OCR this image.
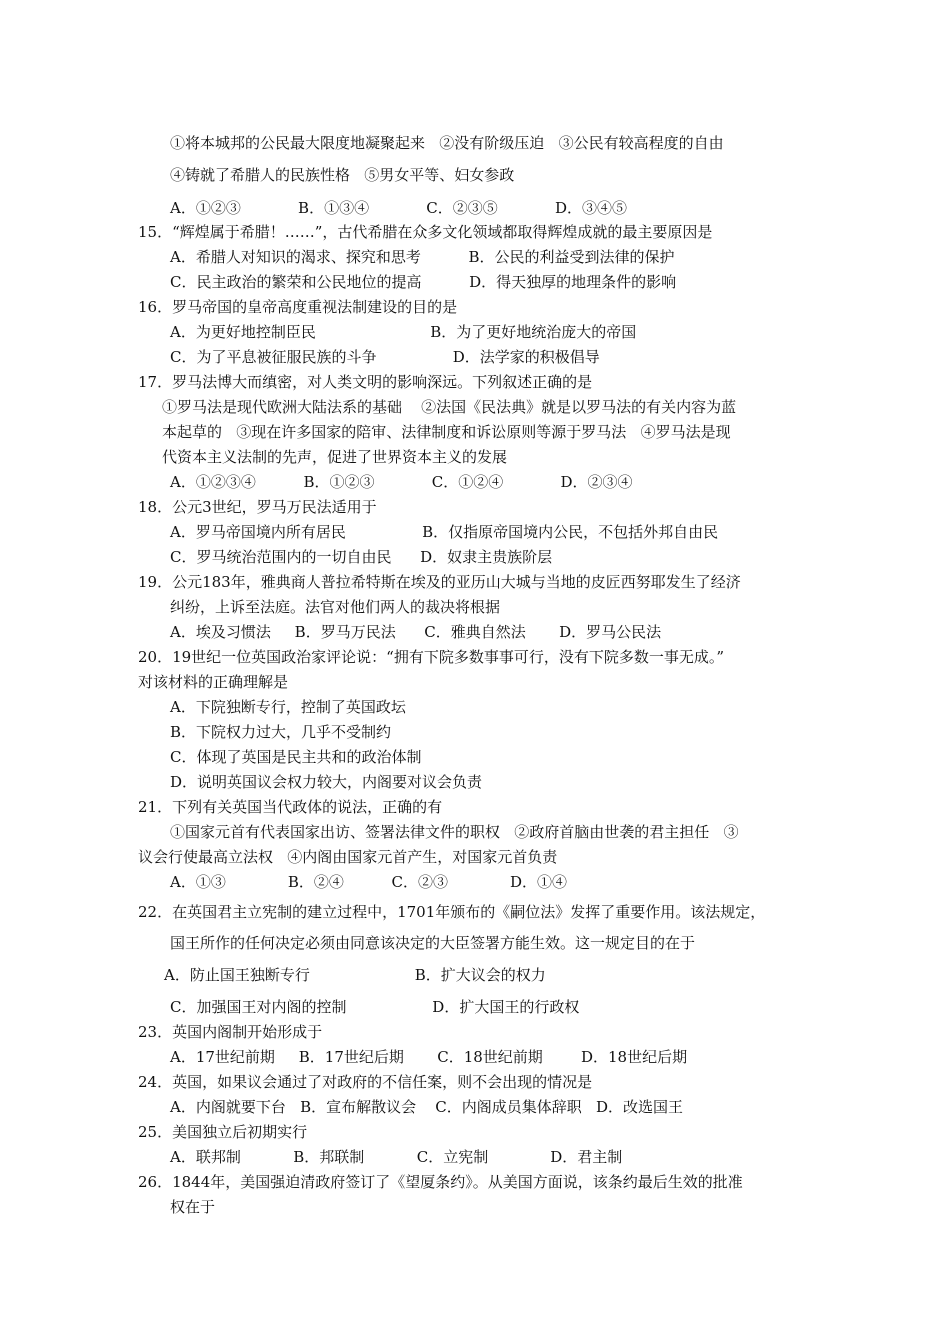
①将本城邦的公民最大限度地凝聚起来   ②没有阶级压迫   ③公民有较高程度的自由
④铸就了希腊人的民族性格   ⑤男女平等、妇女参政
A．①②③            B．①③④            C．②③⑤            D．③④⑤
15．“辉煌属于希腊！……”，古代希腊在众多文化领域都取得辉煌成就的最主要原因是
A．希腊人对知识的渴求、探究和思考          B．公民的利益受到法律的保护
C．民主政治的繁荣和公民地位的提高          D．得天独厚的地理条件的影响
16．罗马帝国的皇帝高度重视法制建设的目的是
A．为更好地控制臣民                        B．为了更好地统治庞大的帝国
C．为了平息被征服民族的斗争                D．法学家的积极倡导
17．罗马法博大而缜密，对人类文明的影响深远。下列叙述正确的是
①罗马法是现代欧洲大陆法系的基础    ②法国《民法典》就是以罗马法的有关内容为蓝
本起草的   ③现在许多国家的陪审、法律制度和诉讼原则等源于罗马法   ④罗马法是现
代资本主义法制的先声，促进了世界资本主义的发展
A．①②③④          B．①②③            C．①②④            D．②③④
18．公元3世纪，罗马万民法适用于
A．罗马帝国境内所有居民                B．仅指原帝国境内公民，不包括外邦自由民
C．罗马统治范围内的一切自由民      D．奴隶主贵族阶层
19．公元183年，雅典商人普拉希特斯在埃及的亚历山大城与当地的皮匠西努耶发生了经济
纠纷，上诉至法庭。法官对他们两人的裁决将根据
A．埃及习惯法     B．罗马万民法      C．雅典自然法       D．罗马公民法
20．19世纪一位英国政治家评论说：“拥有下院多数事事可行，没有下院多数一事无成。”
对该材料的正确理解是
A．下院独断专行，控制了英国政坛
B．下院权力过大，几乎不受制约
C．体现了英国是民主共和的政治体制
D．说明英国议会权力较大，内阁要对议会负责
21．下列有关英国当代政体的说法，正确的有
①国家元首有代表国家出访、签署法律文件的职权   ②政府首脑由世袭的君主担任   ③
议会行使最高立法权   ④内阁由国家元首产生，对国家元首负责
A．①③             B．②④          C．②③             D．①④
22．在英国君主立宪制的建立过程中，1701年颁布的《嗣位法》发挥了重要作用。该法规定，
国王所作的任何决定必须由同意该决定的大臣签署方能生效。这一规定目的在于
A．防止国王独断专行                      B．扩大议会的权力
C．加强国王对内阁的控制                  D．扩大国王的行政权
23．英国内阁制开始形成于
A．17世纪前期     B．17世纪后期       C．18世纪前期        D．18世纪后期
24．英国，如果议会通过了对政府的不信任案，则不会出现的情况是
A．内阁就要下台   B．宣布解散议会    C．内阁成员集体辞职   D．改选国王
25．美国独立后初期实行
A．联邦制           B．邦联制           C．立宪制             D．君主制
26．1844年，美国强迫清政府签订了《望厦条约》。从美国方面说，该条约最后生效的批准
权在于
